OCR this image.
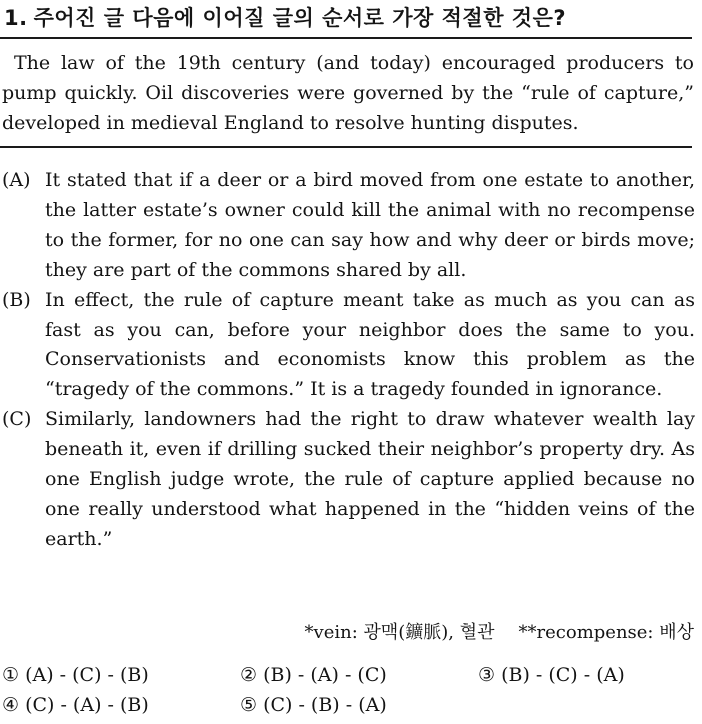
1. 주어진 글 다음에 이어질 글의 순서로 가장 적절한 것은?
The law of the 19th century (and today) encouraged producers to pump quickly. Oil discoveries were governed by the “rule of capture,” developed in medieval England to resolve hunting disputes.
(A) It stated that if a deer or a bird moved from one estate to another, the latter estate’s owner could kill the animal with no recompense to the former, for no one can say how and why deer or birds move; they are part of the commons shared by all.
(B) In effect, the rule of capture meant take as much as you can as fast as you can, before your neighbor does the same to you. Conservationists and economists know this problem as the “tragedy of the commons.” It is a tragedy founded in ignorance.
(C) Similarly, landowners had the right to draw whatever wealth lay beneath it, even if drilling sucked their neighbor’s property dry. As one English judge wrote, the rule of capture applied because no one really understood what happened in the “hidden veins of the earth.”
*vein: 광맥(鑛脈), 혈관 **recompense: 배상
① (A) - (C) - (B)	② (B) - (A) - (C)	③ (B) - (C) - (A)
④ (C) - (A) - (B)	⑤ (C) - (B) - (A)
